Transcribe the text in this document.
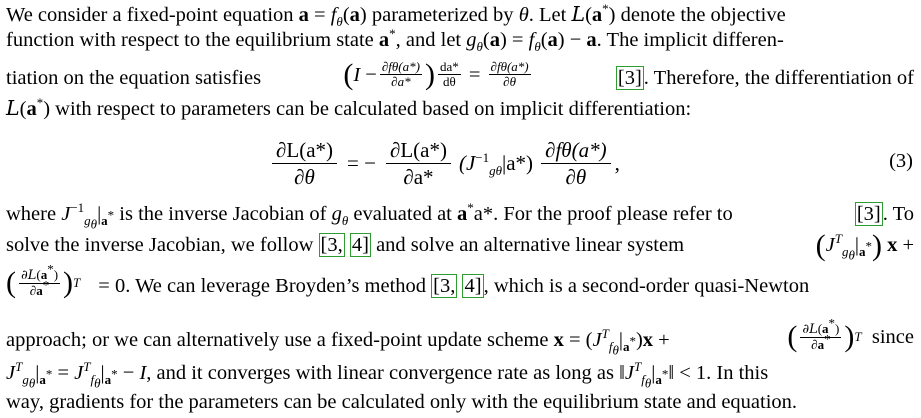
We consider a fixed-point equation $a = f_\theta(a)$ parameterized by θ. Let L(a*) denote the objective
function with respect to the equilibrium state a*, and let $g_\theta(a) = f_\theta(a) - a$. The implicit differen-
tiation on the equation satisfies	( $I - \frac{\partial f\theta(a*)}{\partial a*}$ ) $\frac{da*}{d\theta} = \frac{\partial f\theta(a*)}{\partial\theta}$	[3]. Therefore, the differentiation of
L(a*) with respect to parameters can be calculated based on implicit differentiation:
$\frac{\partial L(a*)}{\partial\theta}$ = − $\frac{\partial L(a*)}{\partial a*} (J^{-1}_{g\theta}|a*) \frac{\partial f\theta(a*)}{\partial\theta}$ ,	(3)
where $J^{-1}_{g_\theta}|_{a^*}$ is the inverse Jacobian of $g_\theta$ evaluated at a*a*. For the proof please refer to	[3]. To
solve the inverse Jacobian, we follow [3, 4] and solve an alternative linear system	$(J^T_{g_\theta}|_{a^*}) x$ +
( $\frac{\partial L(a^*)}{\partial a^*}$ ) T = 0. We can leverage Broyden’s method [3, 4], which is a second-order quasi-Newton
approach; or we can alternatively use a fixed-point update scheme $x = (J^T_{f_\theta}|_{a^*})x$ +	( $\frac{\partial L(a^*)}{\partial a^*}$ ) T
since
$J^T_{g_\theta}|_{a^*} = J^T_{f_\theta}|_{a^*} - I$, and it converges with linear convergence rate as long as $‖J^T_{f_\theta}|_{a^*}‖ < 1$. In this
way, gradients for the parameters can be calculated only with the equilibrium state and equation.
